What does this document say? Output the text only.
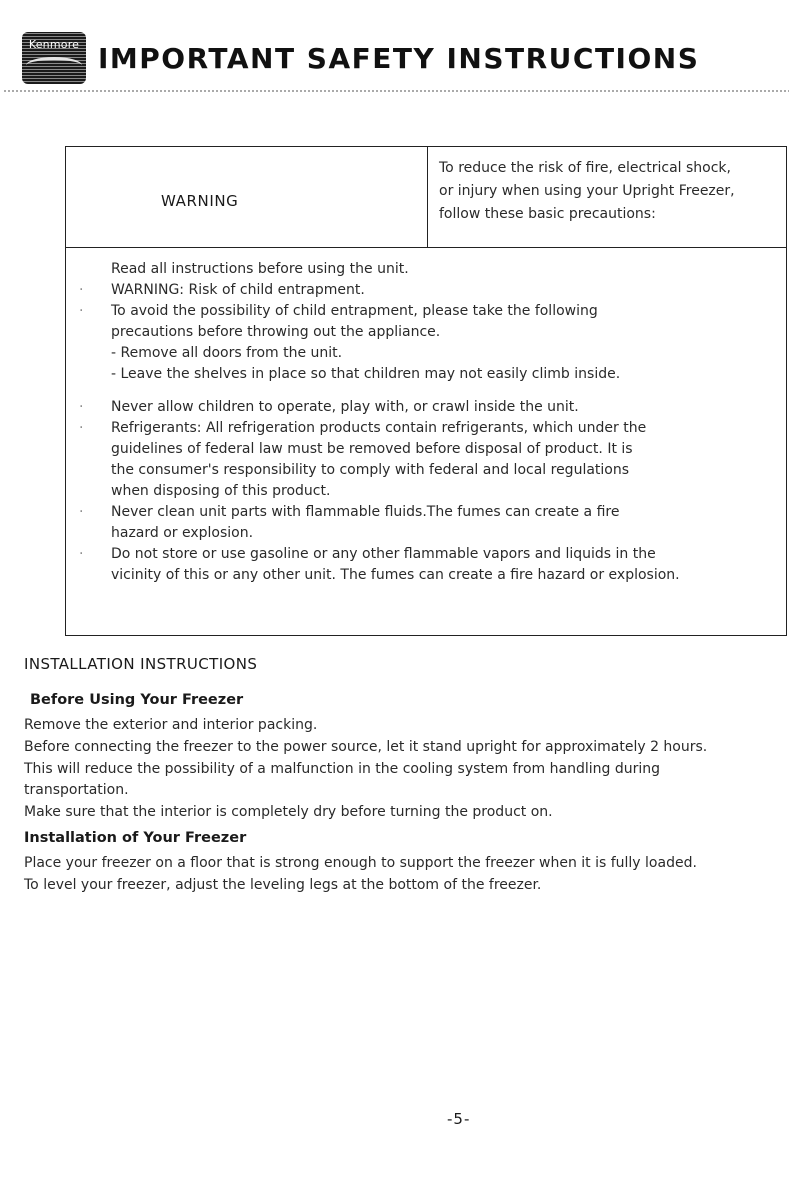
Kenmore IMPORTANT SAFETY INSTRUCTIONS
WARNING
To reduce the risk of fire, electrical shock,
or injury when using your Upright Freezer,
follow these basic precautions:
Read all instructions before using the unit.
· WARNING: Risk of child entrapment.
· To avoid the possibility of child entrapment, please take the following
precautions before throwing out the appliance.
- Remove all doors from the unit.
- Leave the shelves in place so that children may not easily climb inside.
· Never allow children to operate, play with, or crawl inside the unit.
· Refrigerants: All refrigeration products contain refrigerants, which under the
guidelines of federal law must be removed before disposal of product. It is
the consumer's responsibility to comply with federal and local regulations
when disposing of this product.
· Never clean unit parts with flammable fluids.The fumes can create a fire
hazard or explosion.
· Do not store or use gasoline or any other flammable vapors and liquids in the
vicinity of this or any other unit. The fumes can create a fire hazard or explosion.
INSTALLATION INSTRUCTIONS
Before Using Your Freezer
Remove the exterior and interior packing.
Before connecting the freezer to the power source, let it stand upright for approximately 2 hours.
This will reduce the possibility of a malfunction in the cooling system from handling during
transportation.
Make sure that the interior is completely dry before turning the product on.
Installation of Your Freezer
Place your freezer on a floor that is strong enough to support the freezer when it is fully loaded.
To level your freezer, adjust the leveling legs at the bottom of the freezer.
-5-
